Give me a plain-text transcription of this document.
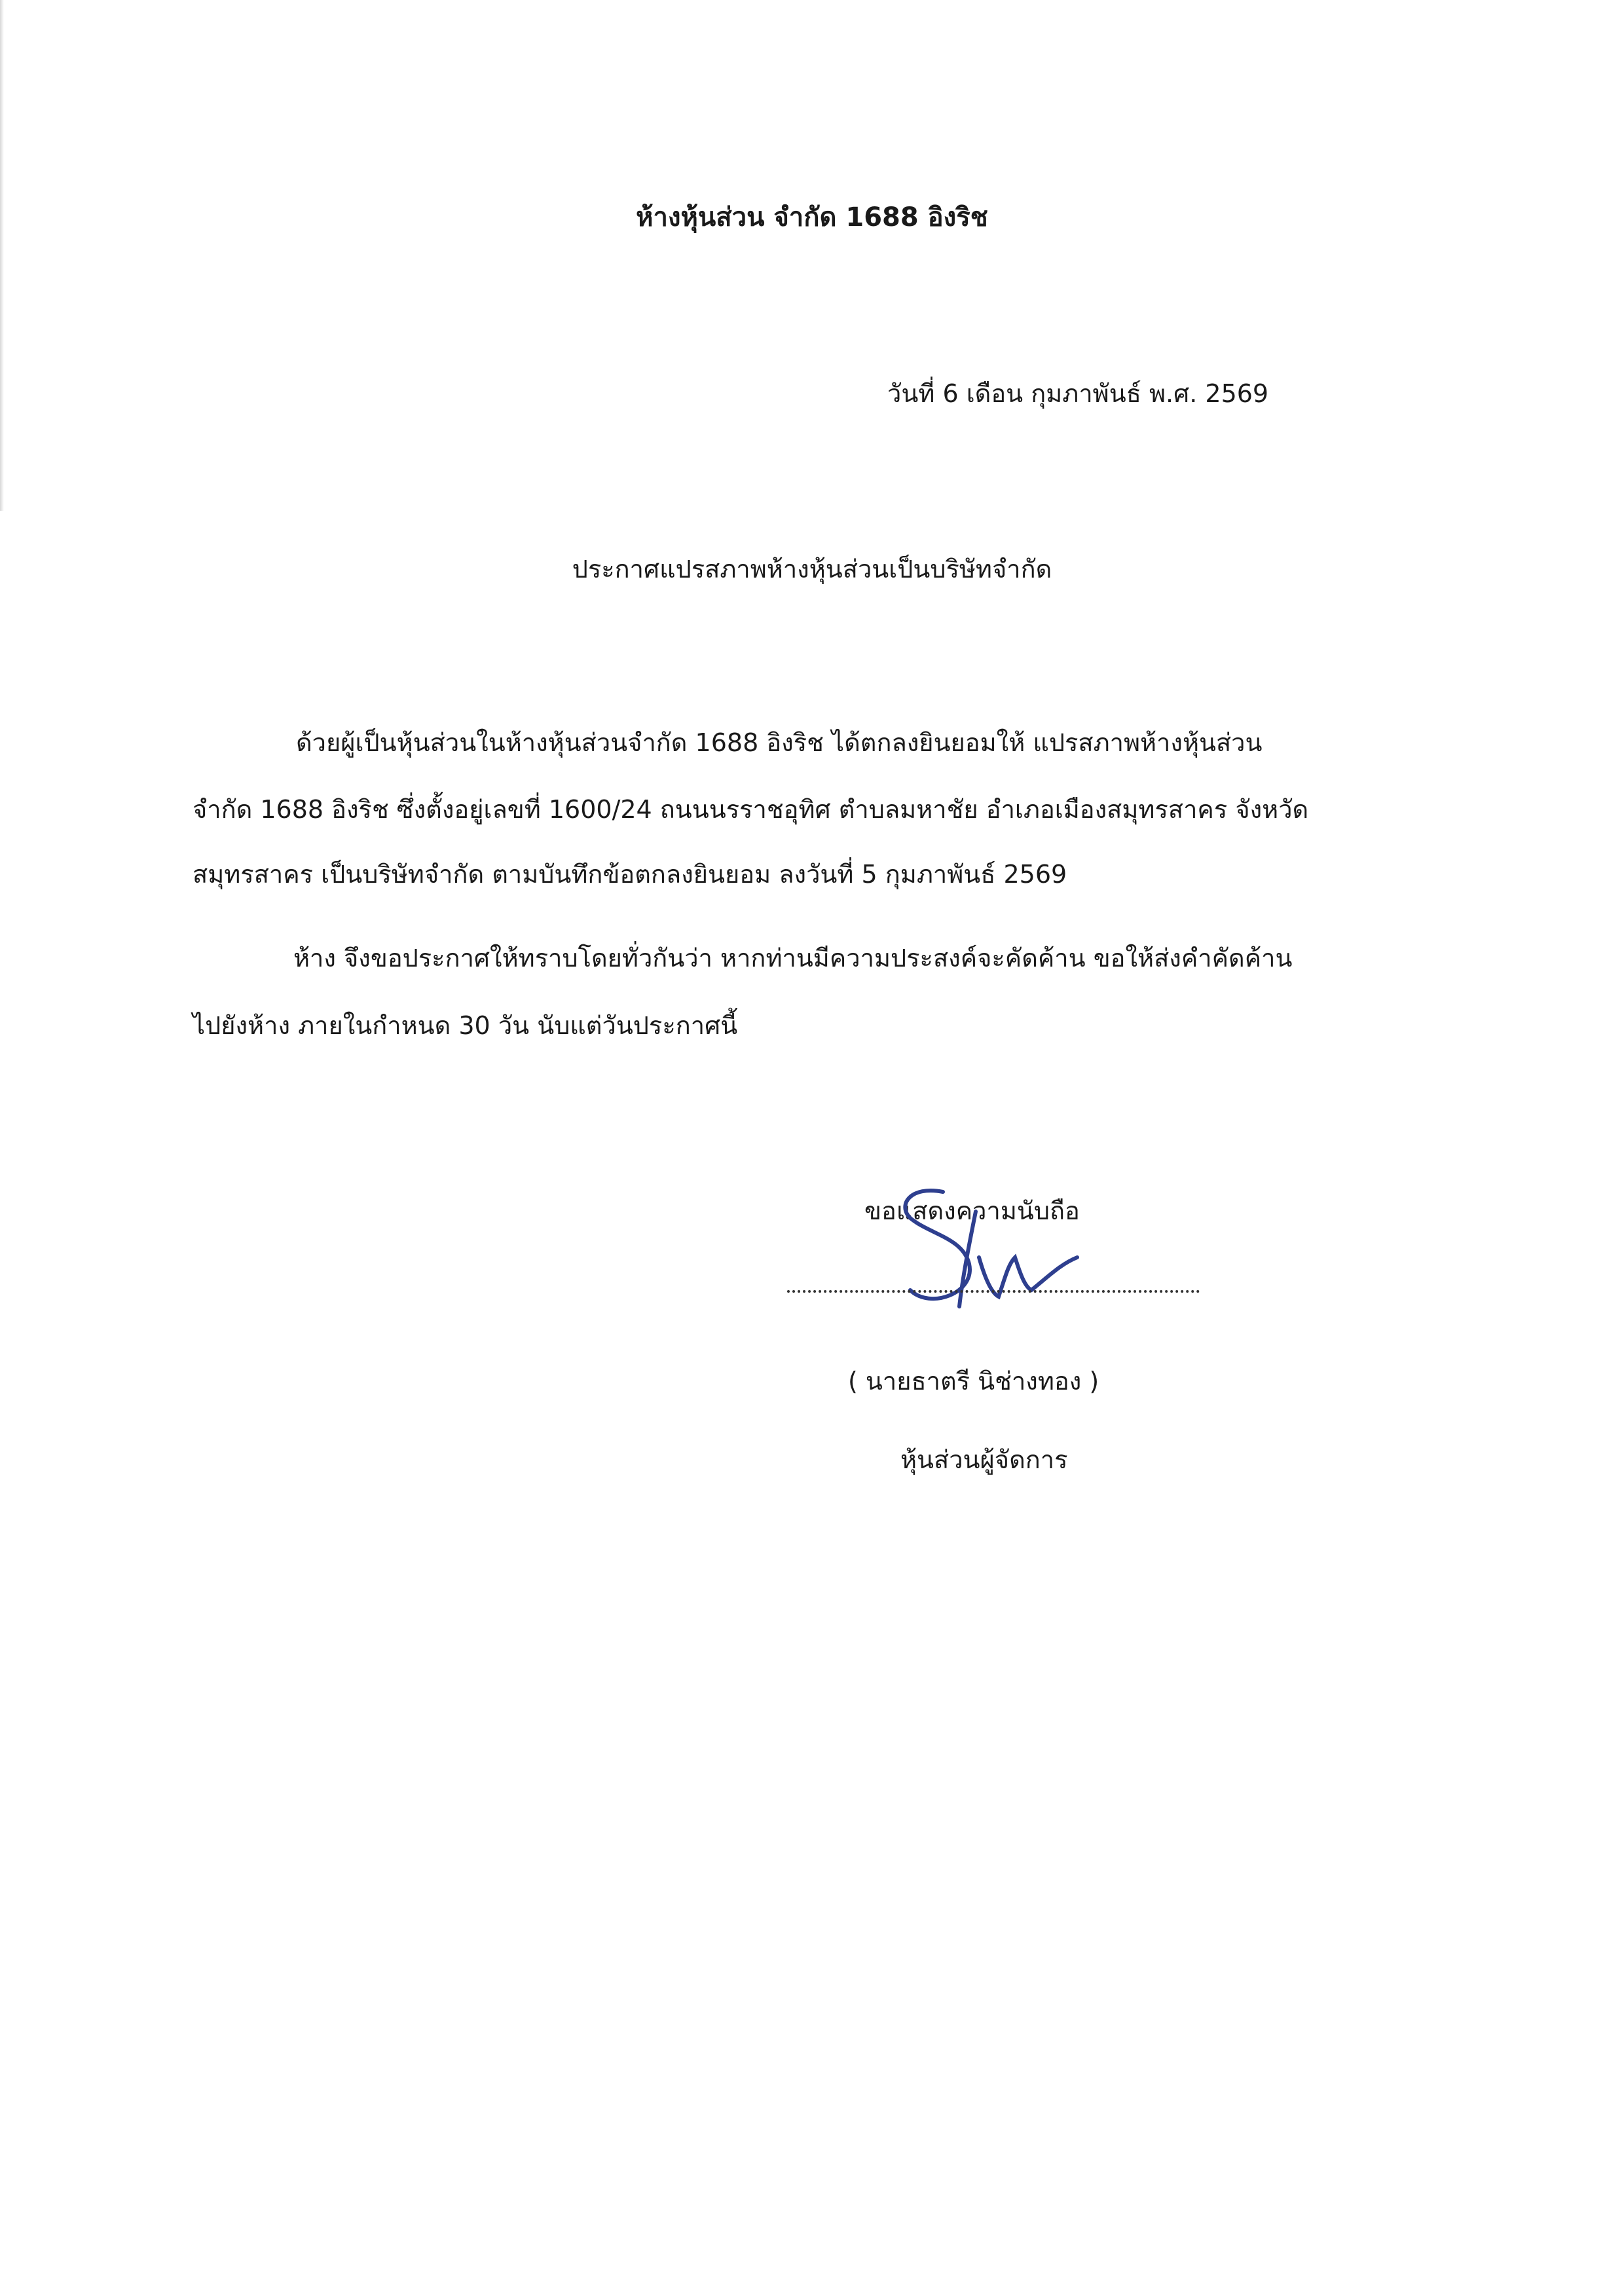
ห้างหุ้นส่วน จำกัด 1688 อิงริช
วันที่ 6 เดือน กุมภาพันธ์ พ.ศ. 2569
ประกาศแปรสภาพห้างหุ้นส่วนเป็นบริษัทจำกัด
ด้วยผู้เป็นหุ้นส่วนในห้างหุ้นส่วนจำกัด 1688 อิงริช ได้ตกลงยินยอมให้ แปรสภาพห้างหุ้นส่วน
จำกัด 1688 อิงริช ซึ่งตั้งอยู่เลขที่ 1600/24 ถนนนรราชอุทิศ ตำบลมหาชัย อำเภอเมืองสมุทรสาคร จังหวัด
สมุทรสาคร เป็นบริษัทจำกัด ตามบันทึกข้อตกลงยินยอม ลงวันที่ 5 กุมภาพันธ์ 2569
ห้าง จึงขอประกาศให้ทราบโดยทั่วกันว่า หากท่านมีความประสงค์จะคัดค้าน ขอให้ส่งคำคัดค้าน
ไปยังห้าง ภายในกำหนด 30 วัน นับแต่วันประกาศนี้
ขอแสดงความนับถือ
( นายธาตรี นิช่างทอง )
หุ้นส่วนผู้จัดการ
